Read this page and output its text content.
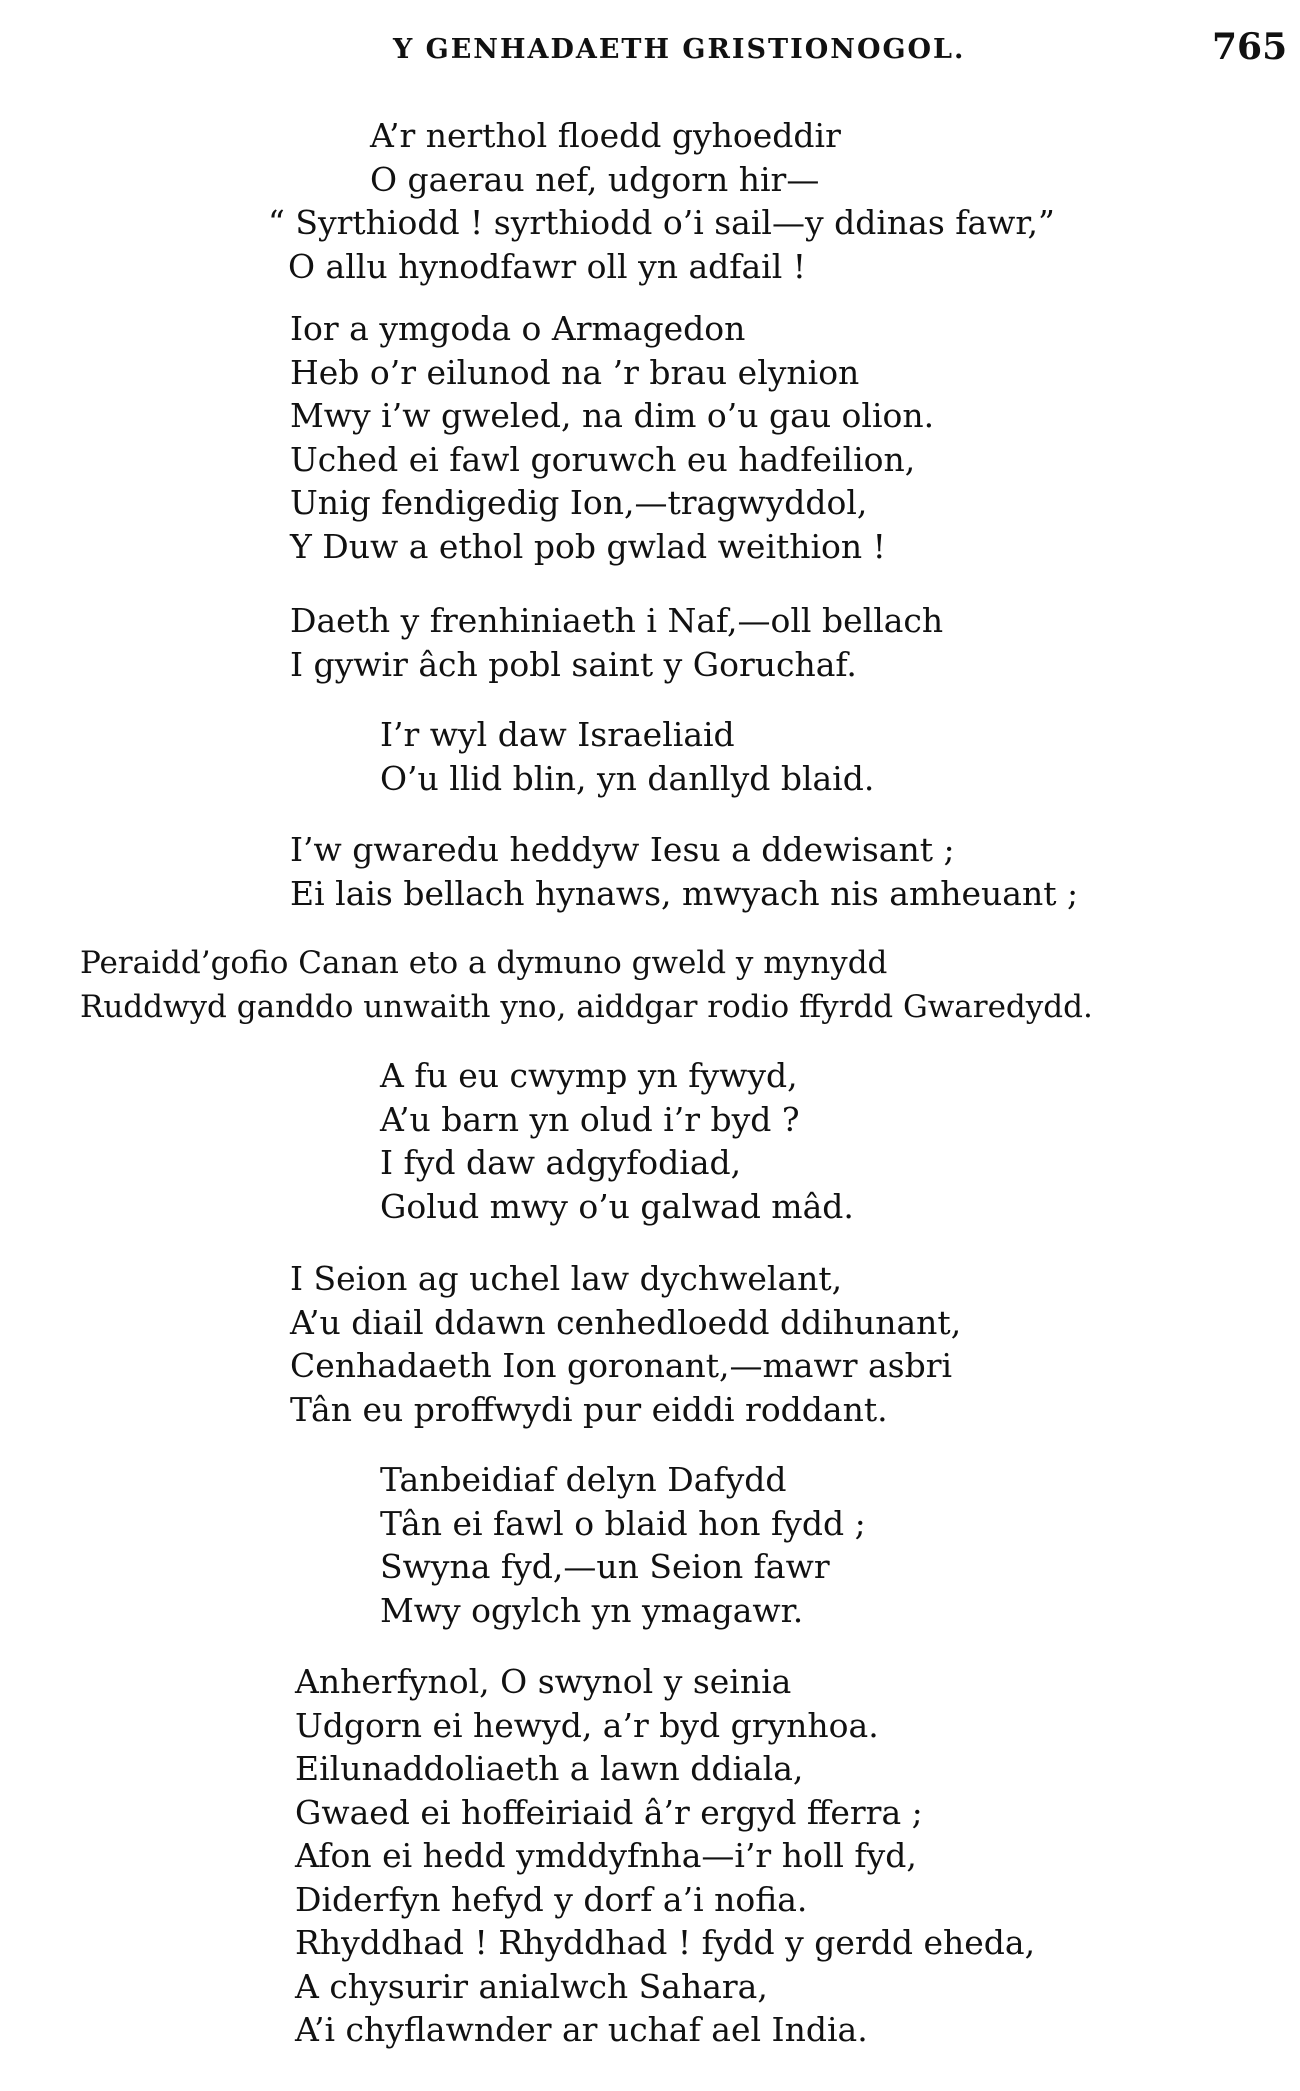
Y GENHADAETH GRISTIONOGOL.	765
A’r nerthol floedd gyhoeddir
O gaerau nef, udgorn hir—
“ Syrthiodd ! syrthiodd o’i sail—y ddinas fawr,”
O allu hynodfawr oll yn adfail !
Ior a ymgoda o Armagedon
Heb o’r eilunod na ’r brau elynion
Mwy i’w gweled, na dim o’u gau olion.
Uched ei fawl goruwch eu hadfeilion,
Unig fendigedig Ion,—tragwyddol,
Y Duw a ethol pob gwlad weithion !
Daeth y frenhiniaeth i Naf,—oll bellach
I gywir âch pobl saint y Goruchaf.
I’r wyl daw Israeliaid
O’u llid blin, yn danllyd blaid.
I’w gwaredu heddyw Iesu a ddewisant ;
Ei lais bellach hynaws, mwyach nis amheuant ;
Peraidd’gofio Canan eto a dymuno gweld y mynydd
Ruddwyd ganddo unwaith yno, aiddgar rodio ffyrdd Gwaredydd.
A fu eu cwymp yn fywyd,
A’u barn yn olud i’r byd ?
I fyd daw adgyfodiad,
Golud mwy o’u galwad mâd.
I Seion ag uchel law dychwelant,
A’u diail ddawn cenhedloedd ddihunant,
Cenhadaeth Ion goronant,—mawr asbri
Tân eu proffwydi pur eiddi roddant.
Tanbeidiaf delyn Dafydd
Tân ei fawl o blaid hon fydd ;
Swyna fyd,—un Seion fawr
Mwy ogylch yn ymagawr.
Anherfynol, O swynol y seinia
Udgorn ei hewyd, a’r byd grynhoa.
Eilunaddoliaeth a lawn ddiala,
Gwaed ei hoffeiriaid â’r ergyd fferra ;
Afon ei hedd ymddyfnha—i’r holl fyd,
Diderfyn hefyd y dorf a’i nofia.
Rhyddhad ! Rhyddhad ! fydd y gerdd eheda,
A chysurir anialwch Sahara,
A’i chyflawnder ar uchaf ael India.
